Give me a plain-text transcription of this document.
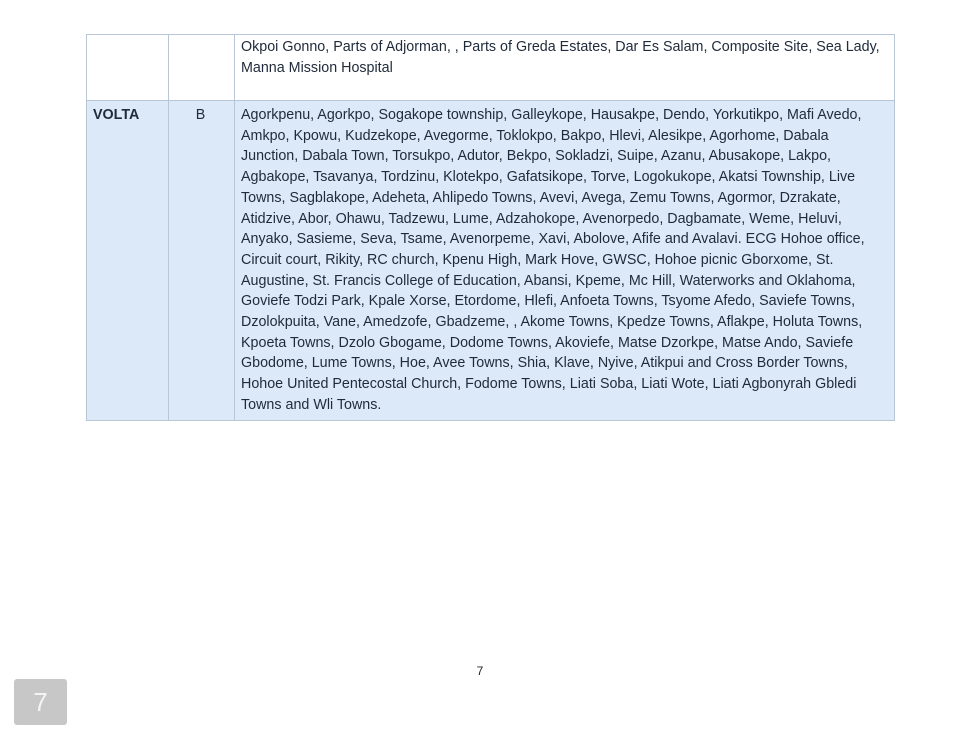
		Okpoi Gonno, Parts of Adjorman, , Parts of Greda Estates, Dar Es Salam, Composite Site, Sea Lady, Manna Mission Hospital
VOLTA	B	Agorkpenu, Agorkpo, Sogakope township, Galleykope, Hausakpe, Dendo, Yorkutikpo, Mafi Avedo, Amkpo, Kpowu, Kudzekope, Avegorme, Toklokpo, Bakpo, Hlevi, Alesikpe, Agorhome, Dabala Junction, Dabala Town, Torsukpo, Adutor, Bekpo, Sokladzi, Suipe, Azanu, Abusakope, Lakpo, Agbakope, Tsavanya, Tordzinu, Klotekpo, Gafatsikope, Torve, Logokukope, Akatsi Township, Live Towns, Sagblakope, Adeheta, Ahlipedo Towns, Avevi, Avega, Zemu Towns, Agormor, Dzrakate, Atidzive, Abor, Ohawu, Tadzewu, Lume, Adzahokope, Avenorpedo, Dagbamate, Weme, Heluvi, Anyako, Sasieme, Seva, Tsame, Avenorpeme, Xavi, Abolove, Afife and Avalavi. ECG Hohoe office, Circuit court, Rikity, RC church, Kpenu High, Mark Hove, GWSC, Hohoe picnic Gborxome, St. Augustine, St. Francis College of Education, Abansi, Kpeme, Mc Hill, Waterworks and Oklahoma, Goviefe Todzi Park, Kpale Xorse, Etordome, Hlefi, Anfoeta Towns, Tsyome Afedo, Saviefe Towns, Dzolokpuita, Vane, Amedzofe, Gbadzeme, , Akome Towns, Kpedze Towns, Aflakpe, Holuta Towns, Kpoeta Towns, Dzolo Gbogame, Dodome Towns, Akoviefe, Matse Dzorkpe, Matse Ando, Saviefe Gbodome, Lume Towns, Hoe, Avee Towns, Shia, Klave, Nyive, Atikpui and Cross Border Towns, Hohoe United Pentecostal Church, Fodome Towns, Liati Soba, Liati Wote, Liati Agbonyrah Gbledi Towns and Wli Towns.
7
7
